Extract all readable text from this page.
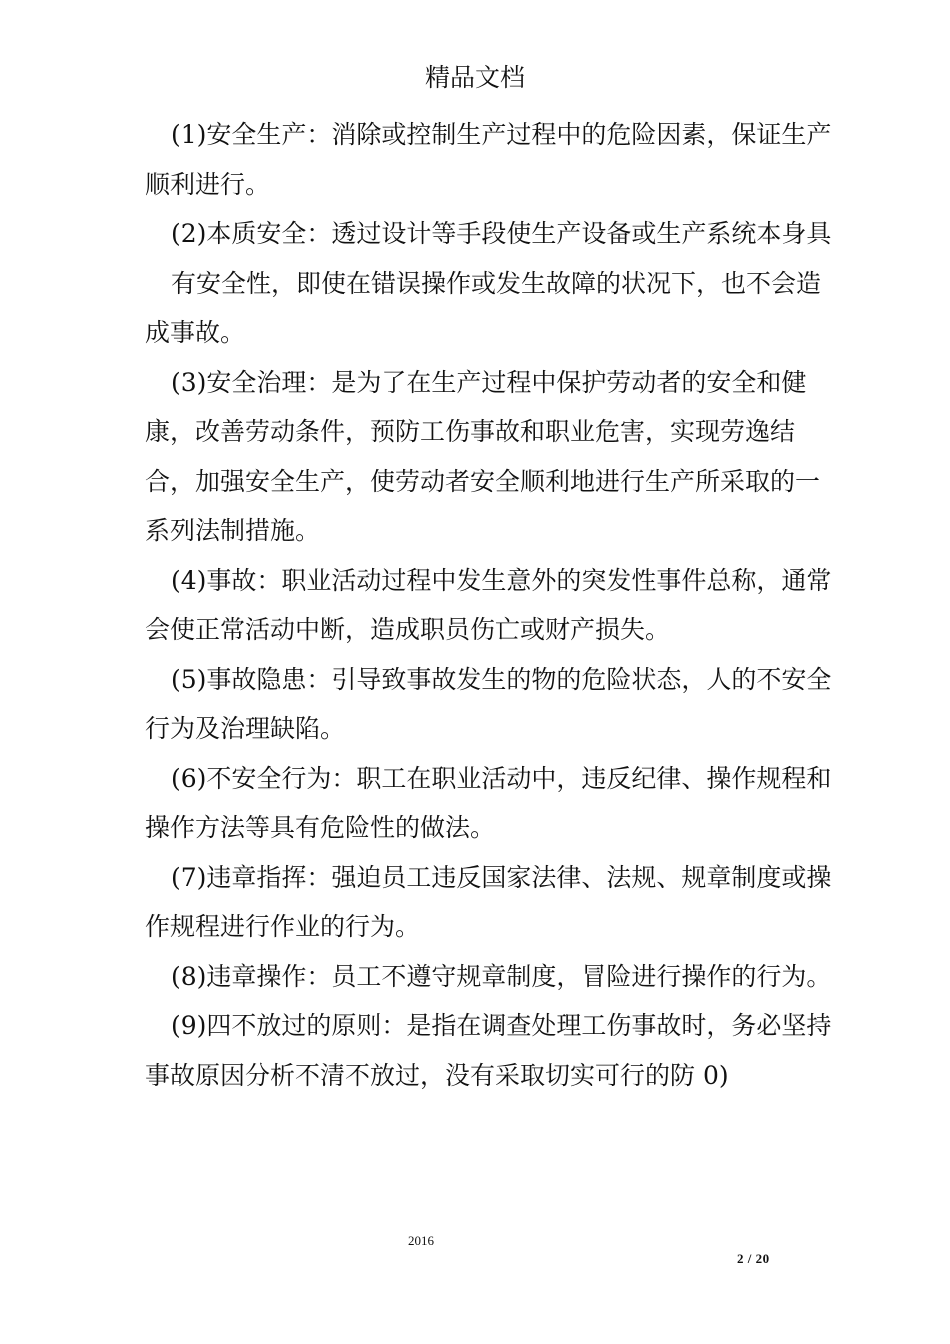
精品文档

(1)安全生产：消除或控制生产过程中的危险因素，保证生产顺利进行。

(2)本质安全：透过设计等手段使生产设备或生产系统本身具

有安全性，即使在错误操作或发生故障的状况下，也不会造成事故。

(3)安全治理：是为了在生产过程中保护劳动者的安全和健康，改善劳动条件，预防工伤事故和职业危害，实现劳逸结合，加强安全生产，使劳动者安全顺利地进行生产所采取的一系列法制措施。

(4)事故：职业活动过程中发生意外的突发性事件总称，通常会使正常活动中断，造成职员伤亡或财产损失。

(5)事故隐患：引导致事故发生的物的危险状态，人的不安全行为及治理缺陷。

(6)不安全行为：职工在职业活动中，违反纪律、操作规程和操作方法等具有危险性的做法。

(7)违章指挥：强迫员工违反国家法律、法规、规章制度或操作规程进行作业的行为。

(8)违章操作：员工不遵守规章制度，冒险进行操作的行为。

(9)四不放过的原则：是指在调查处理工伤事故时，务必坚持事故原因分析不清不放过，没有采取切实可行的防 0)

2016
2 / 20
